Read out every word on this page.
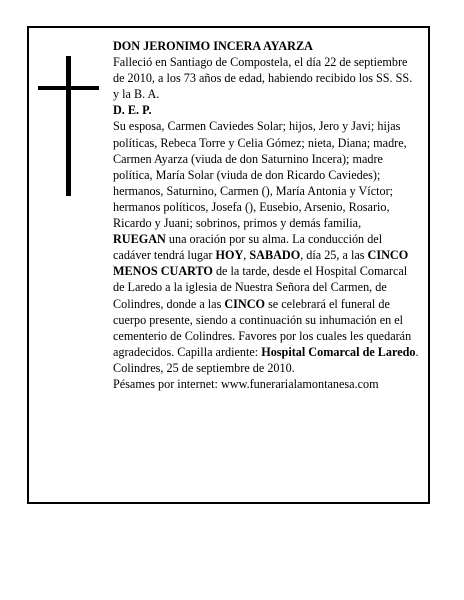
DON JERONIMO INCERA AYARZA

Falleció en Santiago de Compostela, el día 22 de septiembre de 2010, a los 73 años de edad, habiendo recibido los SS. SS. y la B. A.

D. E. P.

Su esposa, Carmen Caviedes Solar; hijos, Jero y Javi; hijas políticas, Rebeca Torre y Celia Gómez; nieta, Diana; madre, Carmen Ayarza (viuda de don Saturnino Incera); madre política, María Solar (viuda de don Ricardo Caviedes); hermanos, Saturnino, Carmen (), María Antonia y Víctor; hermanos políticos, Josefa (), Eusebio, Arsenio, Rosario, Ricardo y Juani; sobrinos, primos y demás familia,

RUEGAN una oración por su alma. La conducción del cadáver tendrá lugar HOY, SABADO, día 25, a las CINCO MENOS CUARTO de la tarde, desde el Hospital Comarcal de Laredo a la iglesia de Nuestra Señora del Carmen, de Colindres, donde a las CINCO se celebrará el funeral de cuerpo presente, siendo a continuación su inhumación en el cementerio de Colindres. Favores por los cuales les quedarán agradecidos. Capilla ardiente: Hospital Comarcal de Laredo.

Colindres, 25 de septiembre de 2010.

Pésames por internet: www.funerarialamontanesa.com
